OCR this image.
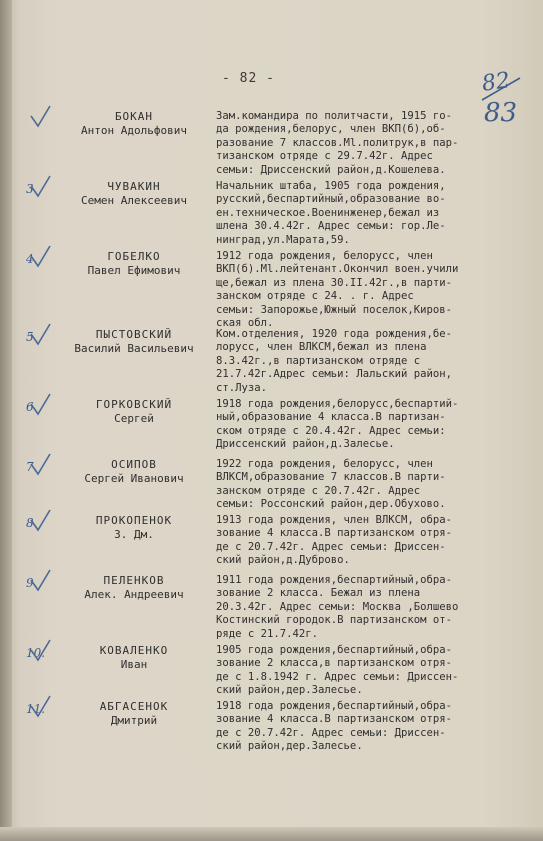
- 82 -	82
83
БОКАН
Антон Адольфович
Зам.командира по политчасти, 1915 го-
да рождения,белорус, член ВКП(б),об-
разование 7 классов.Ml.политрук,в пар-
тизанском отряде с 29.7.42г. Адрес
семьи: Дриссенский район,д.Кошелева.
3.	ЧУВАКИН
Семен Алексеевич
Начальник штаба, 1905 года рождения,
русский,беспартийный,образование во-
ен.техническое.Военинженер,бежал из
шлена 30.4.42г. Адрес семьи: гор.Ле-
нинград,ул.Марата,59.
4.	ГОБЕЛКО
Павел Ефимович
1912 года рождения, белорусс, член
ВКП(б).Ml.лейтенант.Окончил воен.учили
ще,бежал из плена 30.II.42г.,в парти-
занском отряде с 24. . г. Адрес
семьи: Запорожье,Южный поселок,Киров-
ская обл.
5.	ПЫСТОВСКИЙ
Василий Васильевич
Ком.отделения, 1920 года рождения,бе-
лорусс, член ВЛКСМ,бежал из плена
8.3.42г.,в партизанском отряде с
21.7.42г.Адрес семьи: Лальский район,
ст.Луза.
6.	ГОРКОВСКИЙ
Сергей
1918 года рождения,белорусс,беспартий-
ный,образование 4 класса.В партизан-
ском отряде с 20.4.42г. Адрес семьи:
Дриссенский район,д.Залесье.
7.	ОСИПОВ
Сергей Иванович
1922 года рождения, белорусс, член
ВЛКСМ,образование 7 классов.В парти-
занском отряде с 20.7.42г. Адрес
семьи: Россонский район,дер.Обухово.
8.	ПРОКОПЕНОК
З. Дм.
1913 года рождения, член ВЛКСМ, обра-
зование 4 класса.В партизанском отря-
де с 20.7.42г. Адрес семьи: Дриссен-
ский район,д.Дуброво.
9.	ПЕЛЕНКОВ
Алек. Андреевич
1911 года рождения,беспартийный,обра-
зование 2 класса. Бежал из плена
20.3.42г. Адрес семьи: Москва ,Болшево
Костинский городок.В партизанском от-
ряде с 21.7.42г.
10.	КОВАЛЕНКО
Иван
1905 года рождения,беспартийный,обра-
зование 2 класса,в партизанском отря-
де с 1.8.1942 г. Адрес семьи: Дриссен-
ский район,дер.Залесье.
11.	АБГАСЕНОК
Дмитрий
1918 года рождения,беспартийный,обра-
зование 4 класса.В партизанском отря-
де с 20.7.42г. Адрес семьи: Дриссен-
ский район,дер.Залесье.
